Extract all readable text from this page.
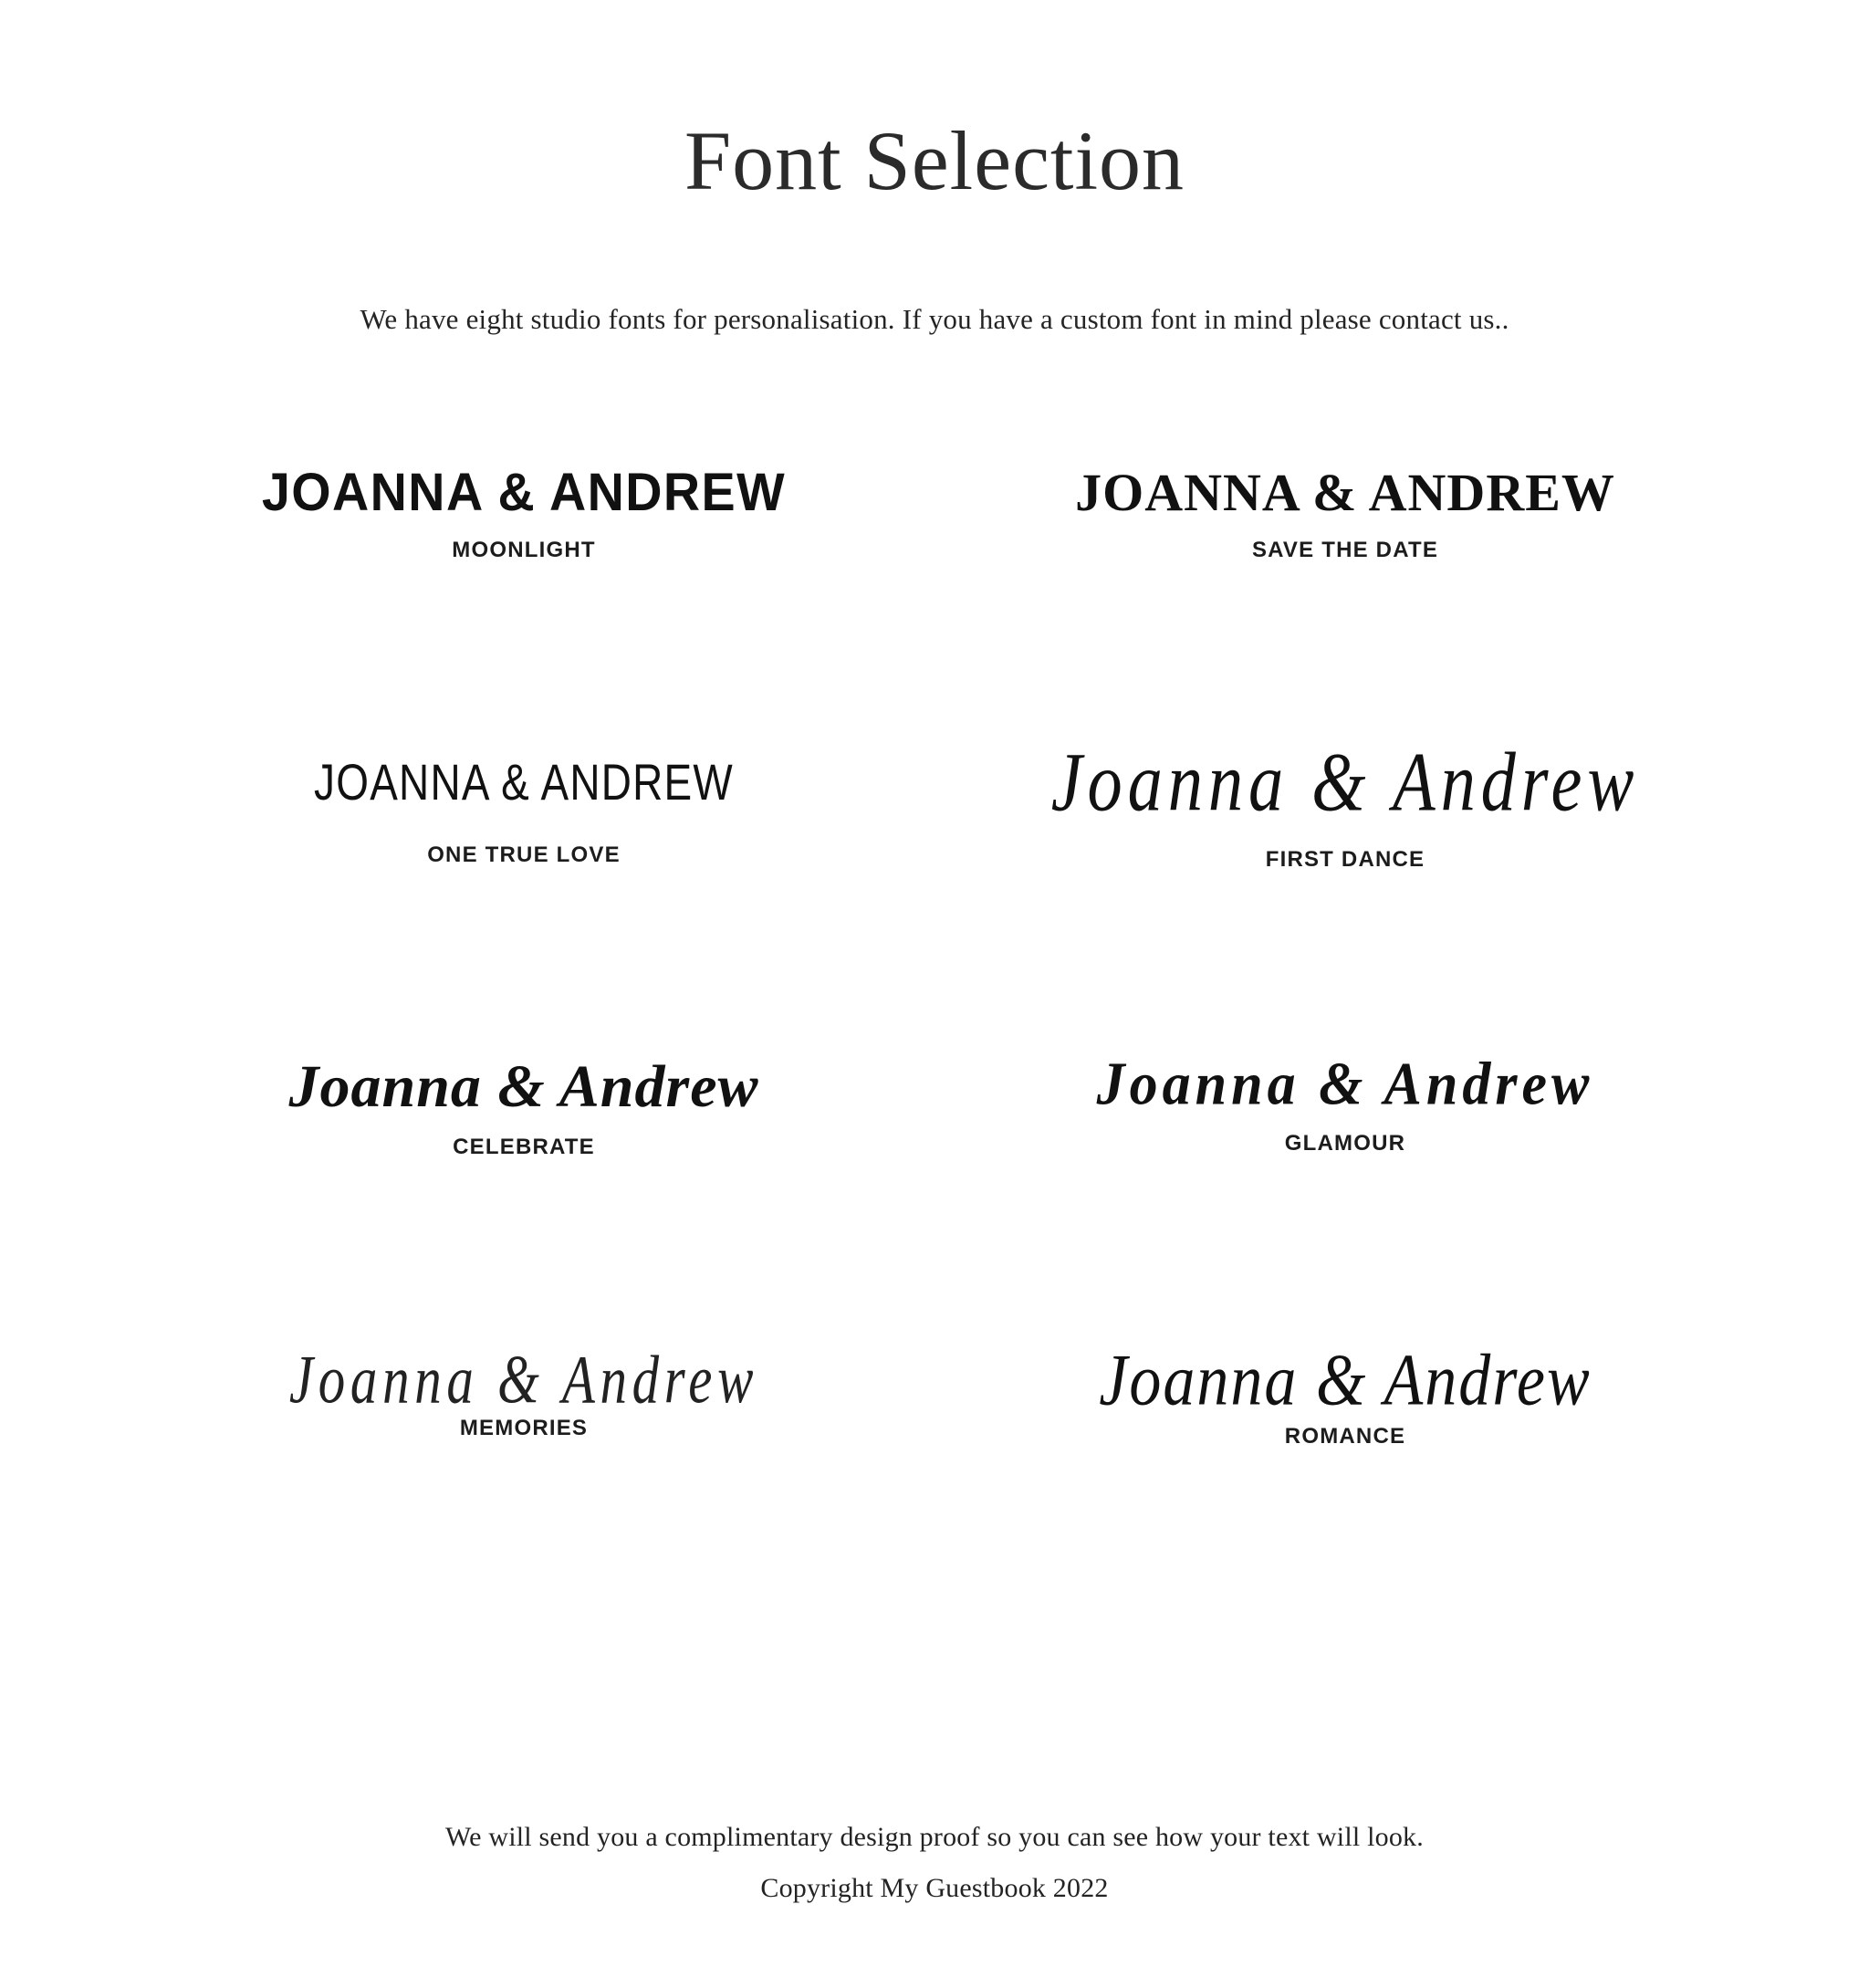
Font Selection

We have eight studio fonts for personalisation. If you have a custom font in mind please contact us..

JOANNA & ANDREW
MOONLIGHT
JOANNA & ANDREW
SAVE THE DATE
JOANNA & ANDREW
ONE TRUE LOVE
Joanna & Andrew
FIRST DANCE
Joanna & Andrew
CELEBRATE
Joanna & Andrew
GLAMOUR
Joanna & Andrew
MEMORIES
Joanna & Andrew
ROMANCE
We will send you a complimentary design proof so you can see how your text will look.
Copyright My Guestbook 2022
